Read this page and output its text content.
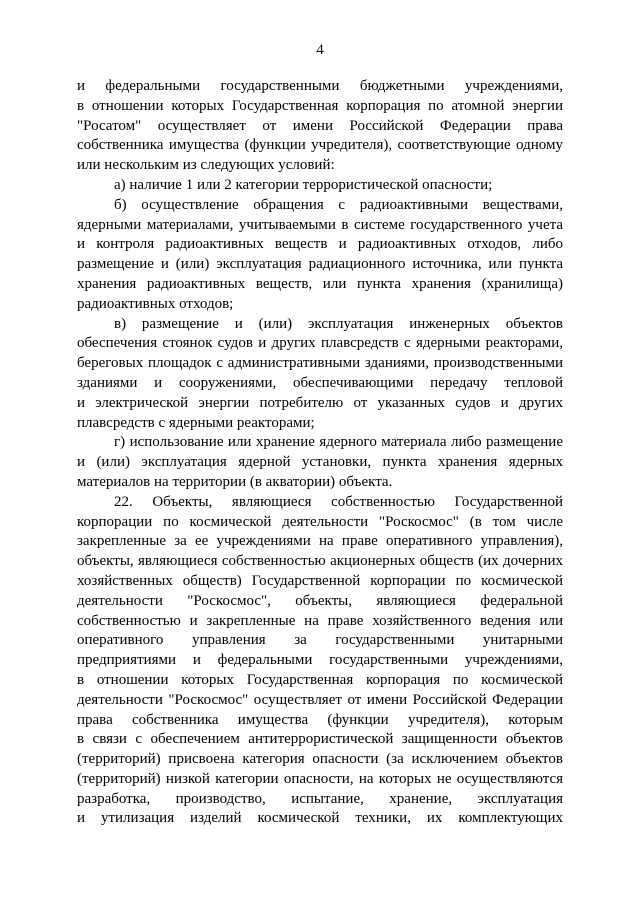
4
и федеральными государственными бюджетными учреждениями,
в отношении которых Государственная корпорация по атомной энергии
"Росатом" осуществляет от имени Российской Федерации права
собственника имущества (функции учредителя), соответствующие одному
или нескольким из следующих условий:
а) наличие 1 или 2 категории террористической опасности;
б) осуществление обращения с радиоактивными веществами,
ядерными материалами, учитываемыми в системе государственного учета
и контроля радиоактивных веществ и радиоактивных отходов, либо
размещение и (или) эксплуатация радиационного источника, или пункта
хранения радиоактивных веществ, или пункта хранения (хранилища)
радиоактивных отходов;
в) размещение и (или) эксплуатация инженерных объектов
обеспечения стоянок судов и других плавсредств с ядерными реакторами,
береговых площадок с административными зданиями, производственными
зданиями и сооружениями, обеспечивающими передачу тепловой
и электрической энергии потребителю от указанных судов и других
плавсредств с ядерными реакторами;
г) использование или хранение ядерного материала либо размещение
и (или) эксплуатация ядерной установки, пункта хранения ядерных
материалов на территории (в акватории) объекта.
22. Объекты, являющиеся собственностью Государственной
корпорации по космической деятельности "Роскосмос" (в том числе
закрепленные за ее учреждениями на праве оперативного управления),
объекты, являющиеся собственностью акционерных обществ (их дочерних
хозяйственных обществ) Государственной корпорации по космической
деятельности "Роскосмос", объекты, являющиеся федеральной
собственностью и закрепленные на праве хозяйственного ведения или
оперативного управления за государственными унитарными
предприятиями и федеральными государственными учреждениями,
в отношении которых Государственная корпорация по космической
деятельности "Роскосмос" осуществляет от имени Российской Федерации
права собственника имущества (функции учредителя), которым
в связи с обеспечением антитеррористической защищенности объектов
(территорий) присвоена категория опасности (за исключением объектов
(территорий) низкой категории опасности, на которых не осуществляются
разработка, производство, испытание, хранение, эксплуатация
и утилизация изделий космической техники, их комплектующих
